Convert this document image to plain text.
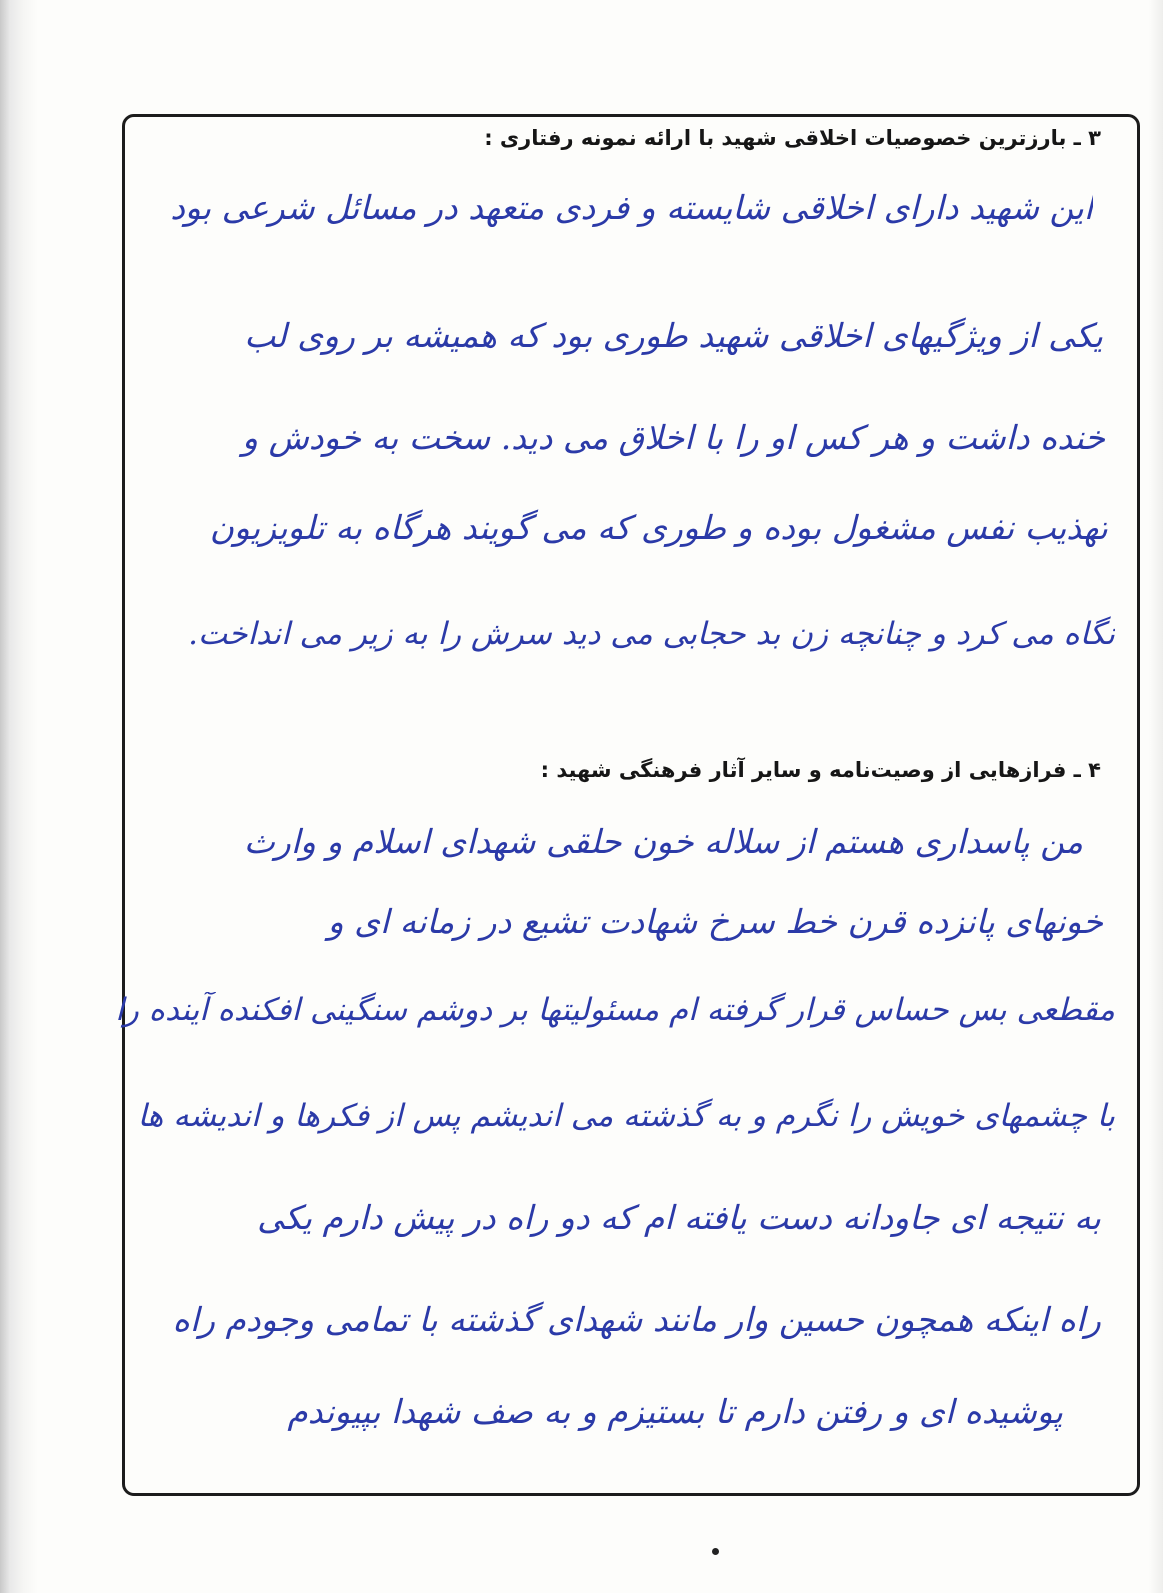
۳ ـ بارزترین خصوصیات اخلاقی شهید با ارائه نمونه رفتاری :
این شهید دارای اخلاقی شایسته و فردی متعهد در مسائل شرعی بود
یکی از ویژگیهای اخلاقی شهید طوری بود که همیشه بر روی لب
خنده داشت و هر کس او را با اخلاق می دید. سخت به خودش و
تهذیب نفس مشغول بوده و طوری که می گویند هرگاه به تلویزیون
نگاه می کرد و چنانچه زن بد حجابی می دید سرش را به زیر می انداخت.
۴ ـ فرازهایی از وصیت‌نامه و سایر آثار فرهنگی شهید :
من پاسداری هستم از سلاله خون حلقی شهدای اسلام و وارث
خونهای پانزده قرن خط سرخ شهادت تشیع در زمانه ای و
مقطعی بس حساس قرار گرفته ام مسئولیتها بر دوشم سنگینی افکنده آینده را
با چشمهای خویش را نگرم و به گذشته می اندیشم پس از فکرها و اندیشه ها
به نتیجه ای جاودانه دست یافته ام که دو راه در پیش دارم یکی
راه اینکه همچون حسین وار مانند شهدای گذشته با تمامی وجودم راه
پوشیده ای و رفتن دارم تا بستیزم و به صف شهدا بپیوندم
